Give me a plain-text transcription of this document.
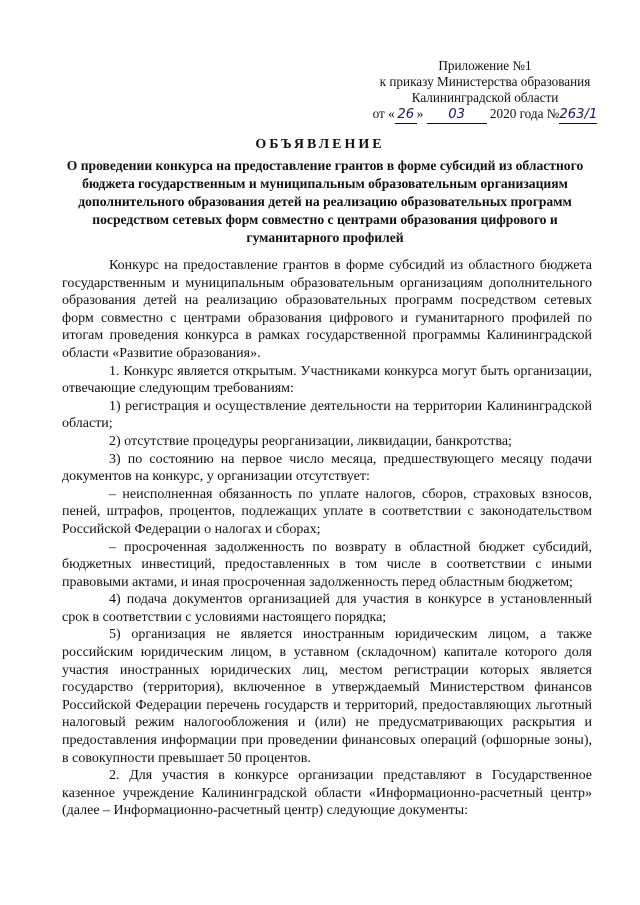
Приложение №1
к приказу Министерства образования
Калининградской области
от « 26 » 03 2020 года №263/1
ОБЪЯВЛЕНИЕ
О проведении конкурса на предоставление грантов в форме субсидий из областного бюджета государственным и муниципальным образовательным организациям дополнительного образования детей на реализацию образовательных программ посредством сетевых форм совместно с центрами образования цифрового и гуманитарного профилей

Конкурс на предоставление грантов в форме субсидий из областного бюджета государственным и муниципальным образовательным организациям дополнительного образования детей на реализацию образовательных программ посредством сетевых форм совместно с центрами образования цифрового и гуманитарного профилей по итогам проведения конкурса в рамках государственной программы Калининградской области «Развитие образования».

1. Конкурс является открытым. Участниками конкурса могут быть организации, отвечающие следующим требованиям:

1) регистрация и осуществление деятельности на территории Калининградской области;

2) отсутствие процедуры реорганизации, ликвидации, банкротства;

3) по состоянию на первое число месяца, предшествующего месяцу подачи документов на конкурс, у организации отсутствует:

– неисполненная обязанность по уплате налогов, сборов, страховых взносов, пеней, штрафов, процентов, подлежащих уплате в соответствии с законодательством Российской Федерации о налогах и сборах;

– просроченная задолженность по возврату в областной бюджет субсидий, бюджетных инвестиций, предоставленных в том числе в соответствии с иными правовыми актами, и иная просроченная задолженность перед областным бюджетом;

4) подача документов организацией для участия в конкурсе в установленный срок в соответствии с условиями настоящего порядка;

5) организация не является иностранным юридическим лицом, а также российским юридическим лицом, в уставном (складочном) капитале которого доля участия иностранных юридических лиц, местом регистрации которых является государство (территория), включенное в утверждаемый Министерством финансов Российской Федерации перечень государств и территорий, предоставляющих льготный налоговый режим налогообложения и (или) не предусматривающих раскрытия и предоставления информации при проведении финансовых операций (офшорные зоны), в совокупности превышает 50 процентов.

2. Для участия в конкурсе организации представляют в Государственное казенное учреждение Калининградской области «Информационно-расчетный центр» (далее – Информационно-расчетный центр) следующие документы:
